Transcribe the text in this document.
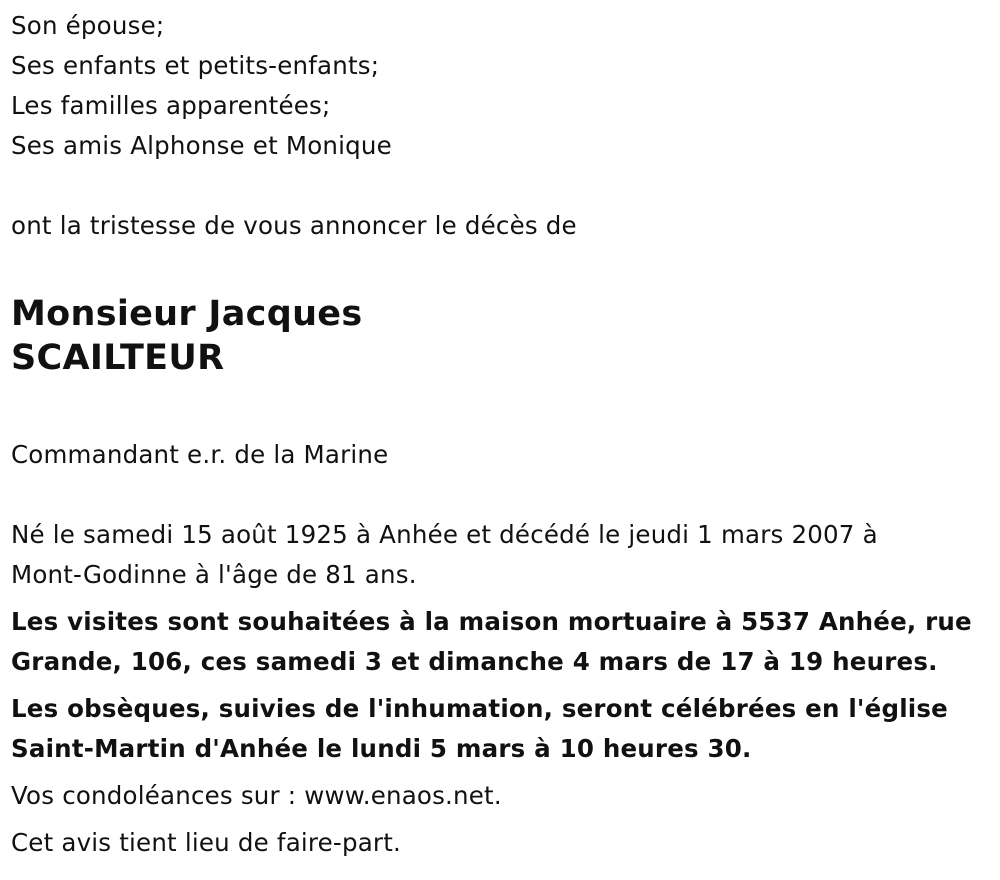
Son épouse;
Ses enfants et petits-enfants;
Les familles apparentées;
Ses amis Alphonse et Monique
ont la tristesse de vous annoncer le décès de
Monsieur Jacques
SCAILTEUR
Commandant e.r. de la Marine
Né le samedi 15 août 1925 à Anhée et décédé le jeudi 1 mars 2007 à
Mont-Godinne à l'âge de 81 ans.
Les visites sont souhaitées à la maison mortuaire à 5537 Anhée, rue
Grande, 106, ces samedi 3 et dimanche 4 mars de 17 à 19 heures.
Les obsèques, suivies de l'inhumation, seront célébrées en l'église
Saint-Martin d'Anhée le lundi 5 mars à 10 heures 30.
Vos condoléances sur : www.enaos.net.
Cet avis tient lieu de faire-part.
